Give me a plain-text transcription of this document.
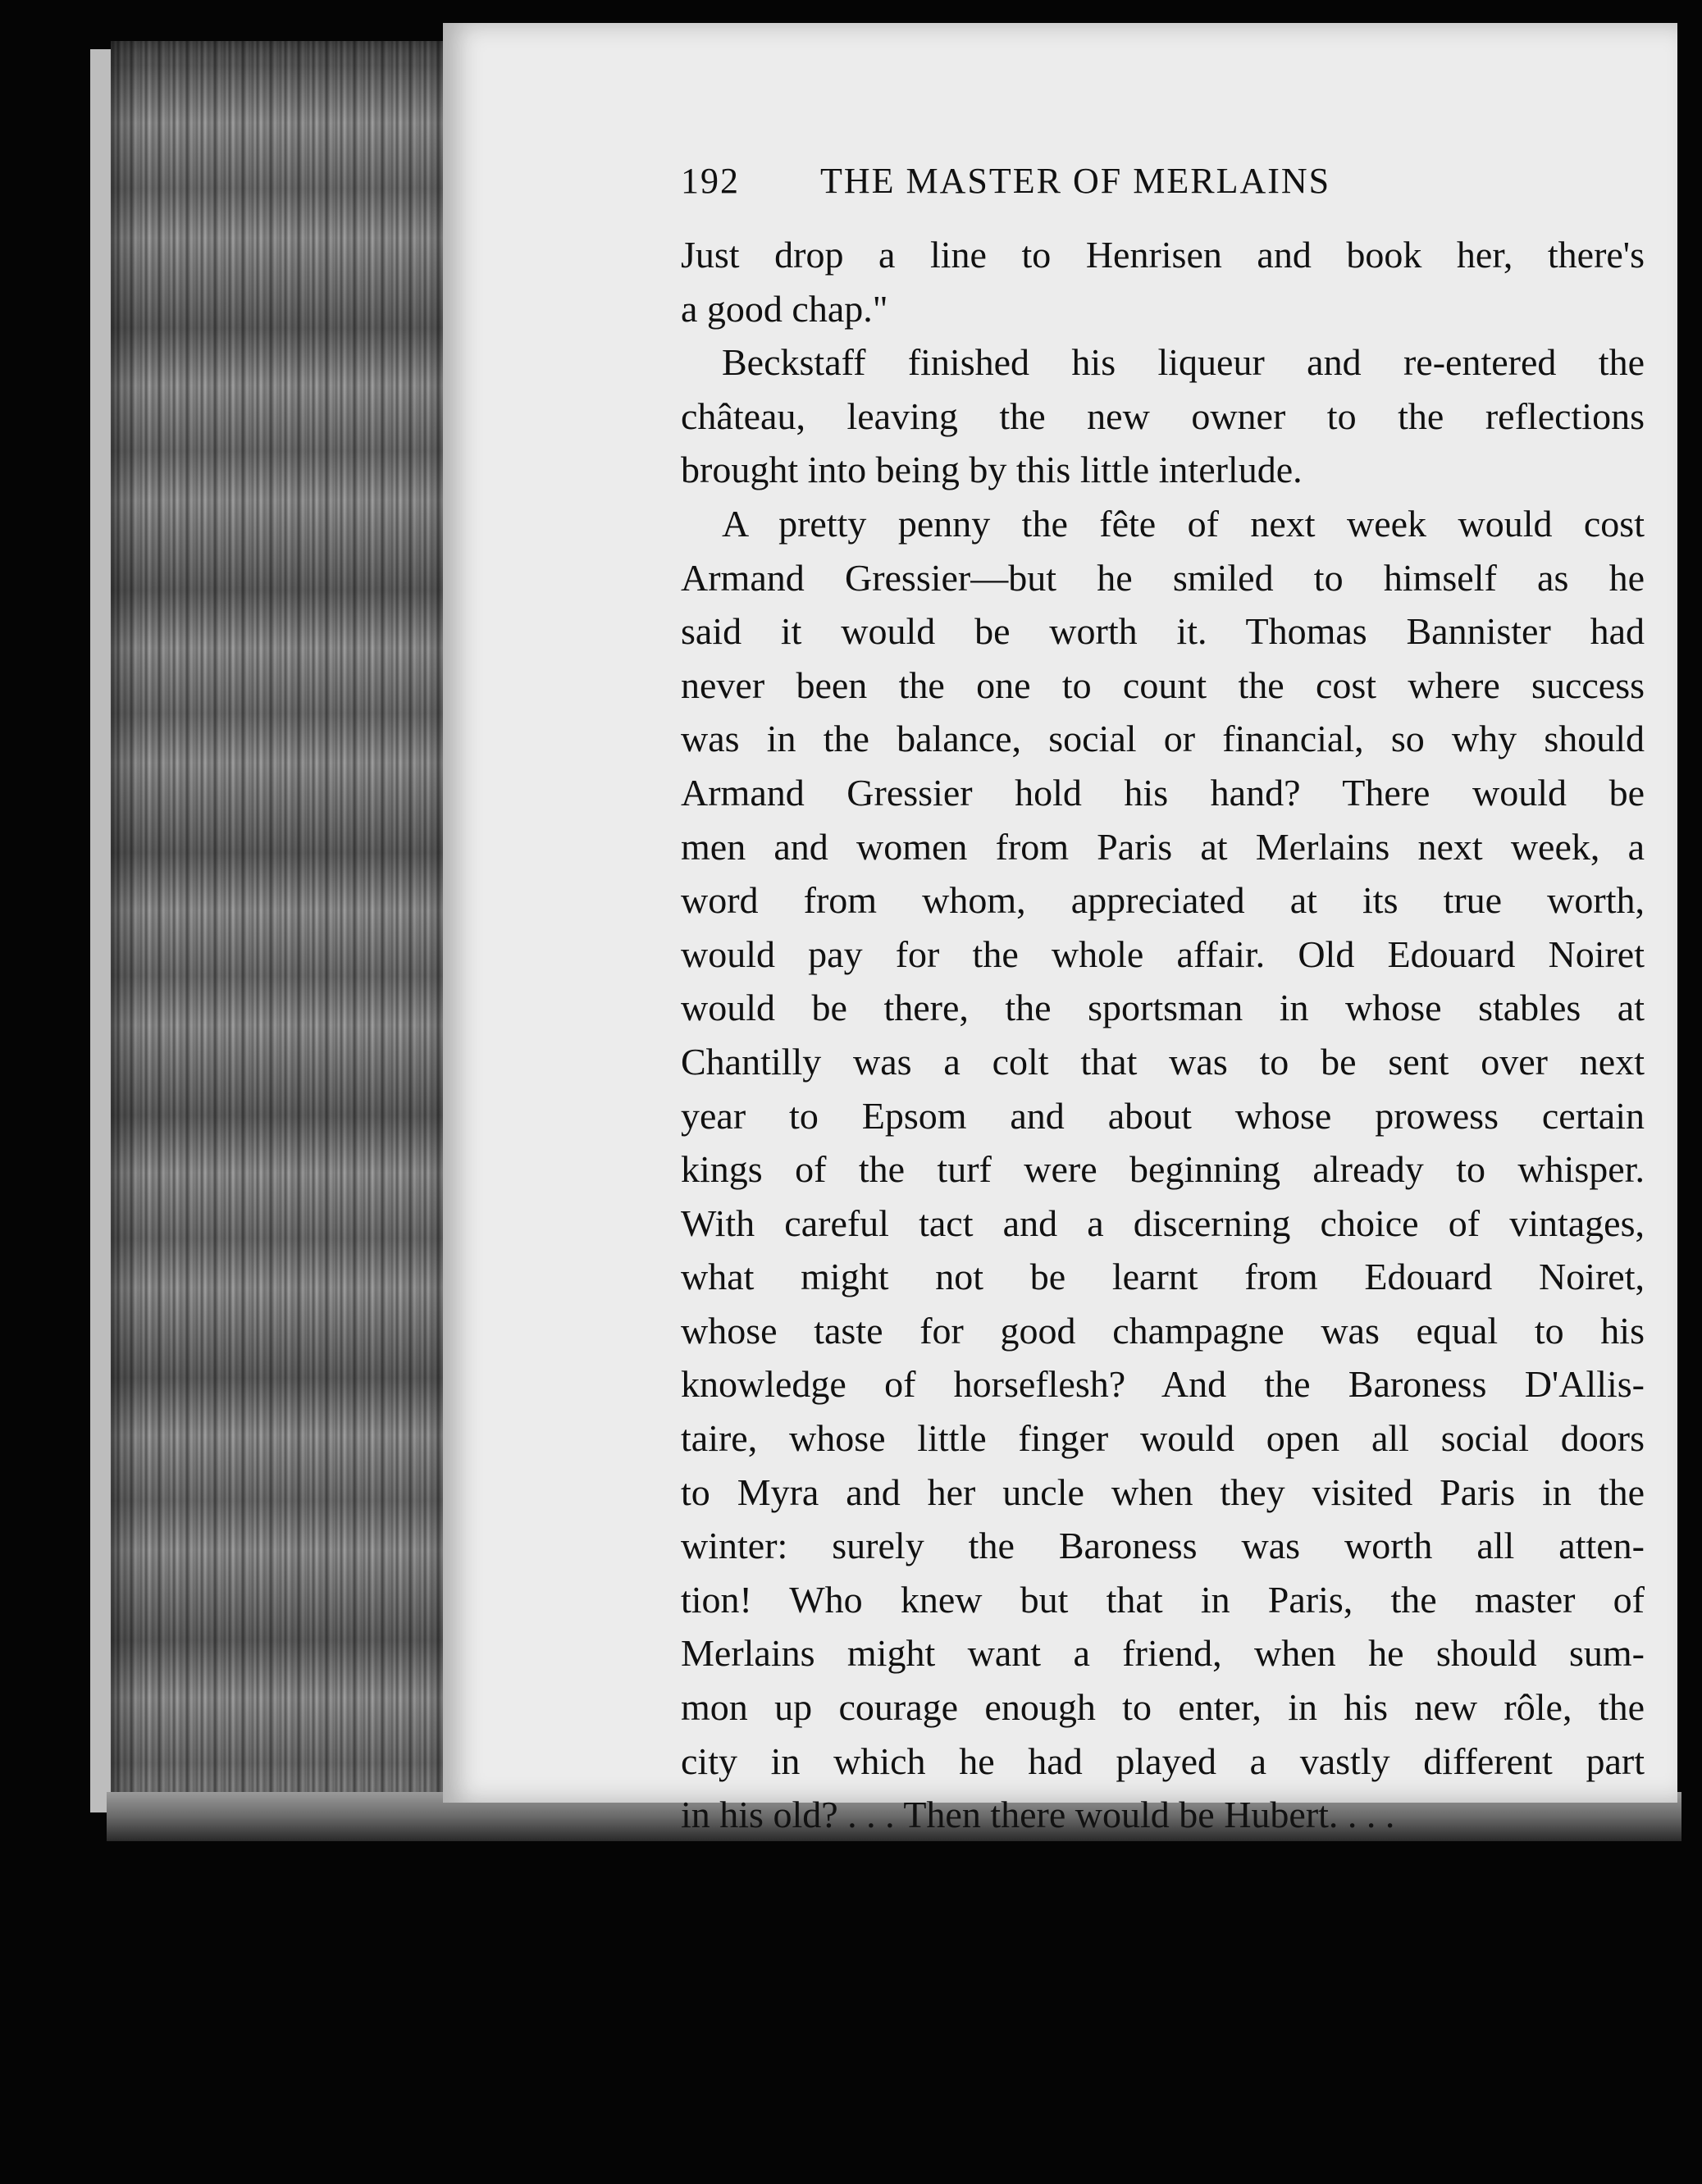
192	THE MASTER OF MERLAINS

Just drop a line to Henrisen and book her, there's
a good chap."

Beckstaff finished his liqueur and re-entered the
château, leaving the new owner to the reflections
brought into being by this little interlude.

A pretty penny the fête of next week would cost
Armand Gressier—but he smiled to himself as he
said it would be worth it. Thomas Bannister had
never been the one to count the cost where success
was in the balance, social or financial, so why should
Armand Gressier hold his hand? There would be
men and women from Paris at Merlains next week, a
word from whom, appreciated at its true worth,
would pay for the whole affair. Old Edouard Noiret
would be there, the sportsman in whose stables at
Chantilly was a colt that was to be sent over next
year to Epsom and about whose prowess certain
kings of the turf were beginning already to whisper.
With careful tact and a discerning choice of vintages,
what might not be learnt from Edouard Noiret,
whose taste for good champagne was equal to his
knowledge of horseflesh? And the Baroness D'Allis-
taire, whose little finger would open all social doors
to Myra and her uncle when they visited Paris in the
winter: surely the Baroness was worth all atten-
tion! Who knew but that in Paris, the master of
Merlains might want a friend, when he should sum-
mon up courage enough to enter, in his new rôle, the
city in which he had played a vastly different part
in his old? . . . Then there would be Hubert. . . .
